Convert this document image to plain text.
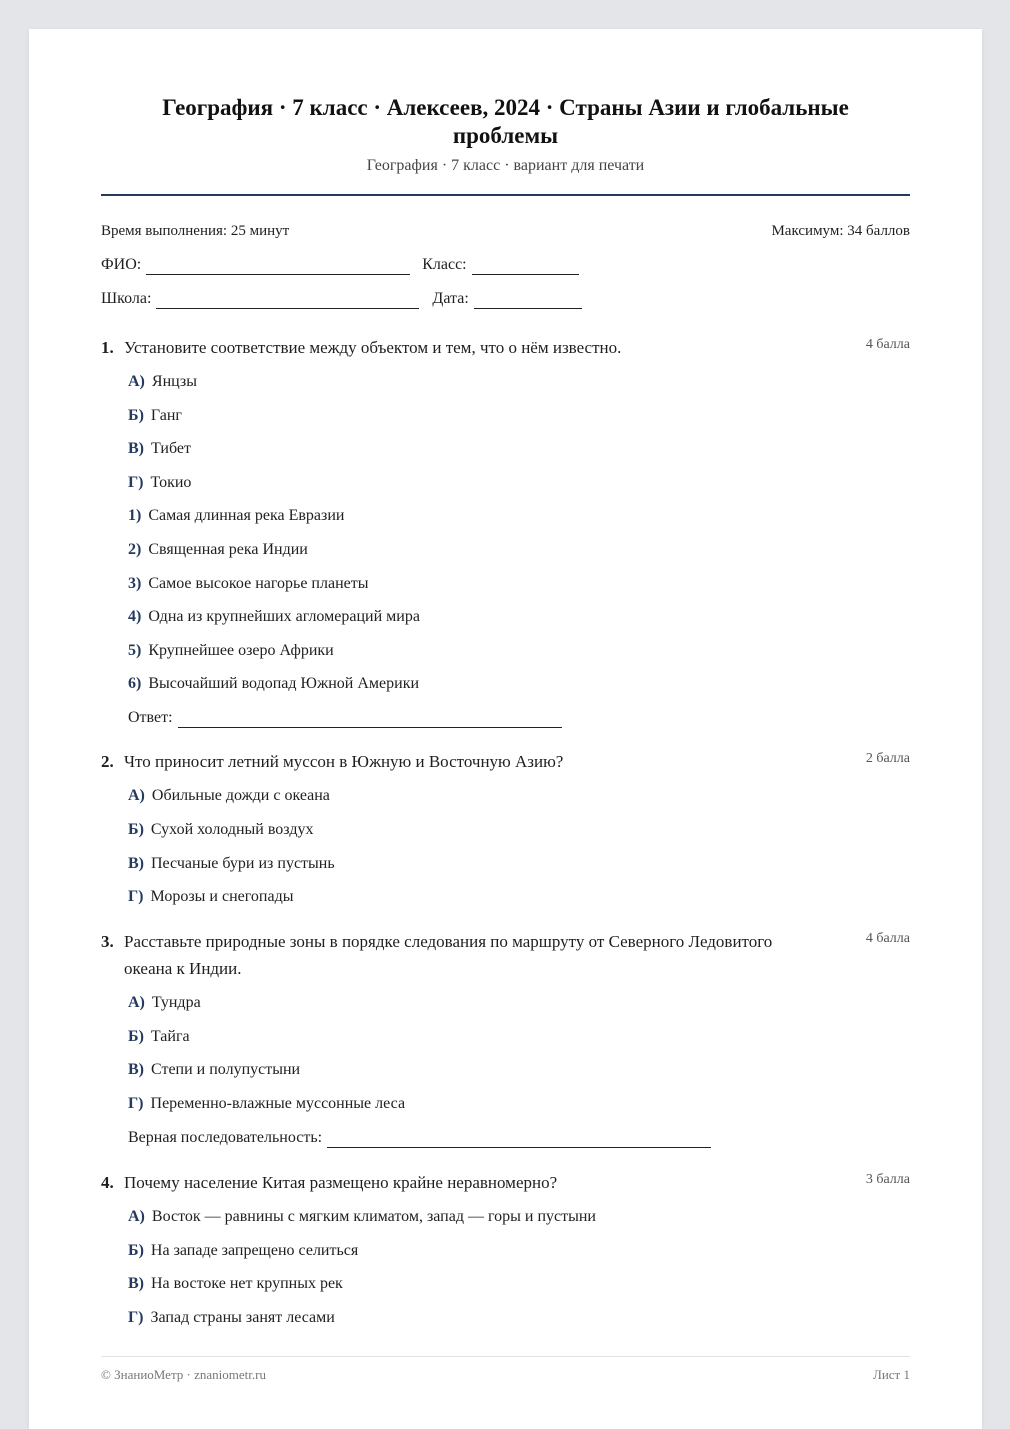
География · 7 класс · Алексеев, 2024 · Страны Азии и глобальные проблемы
География · 7 класс · вариант для печати
Время выполнения: 25 минут	Максимум: 34 баллов
ФИО:	Класс:
Школа:	Дата:
1. Установите соответствие между объектом и тем, что о нём известно.	4 балла
А) Янцзы
Б) Ганг
В) Тибет
Г) Токио
1) Самая длинная река Евразии
2) Священная река Индии
3) Самое высокое нагорье планеты
4) Одна из крупнейших агломераций мира
5) Крупнейшее озеро Африки
6) Высочайший водопад Южной Америки
Ответ:
2. Что приносит летний муссон в Южную и Восточную Азию?	2 балла
А) Обильные дожди с океана
Б) Сухой холодный воздух
В) Песчаные бури из пустынь
Г) Морозы и снегопады
3. Расставьте природные зоны в порядке следования по маршруту от Северного Ледовитого океана к Индии.
4 балла
А) Тундра
Б) Тайга
В) Степи и полупустыни
Г) Переменно-влажные муссонные леса
Верная последовательность:
4. Почему население Китая размещено крайне неравномерно?	3 балла
А) Восток — равнины с мягким климатом, запад — горы и пустыни
Б) На западе запрещено селиться
В) На востоке нет крупных рек
Г) Запад страны занят лесами
© ЗнаниоМетр · znaniometr.ru	Лист 1
